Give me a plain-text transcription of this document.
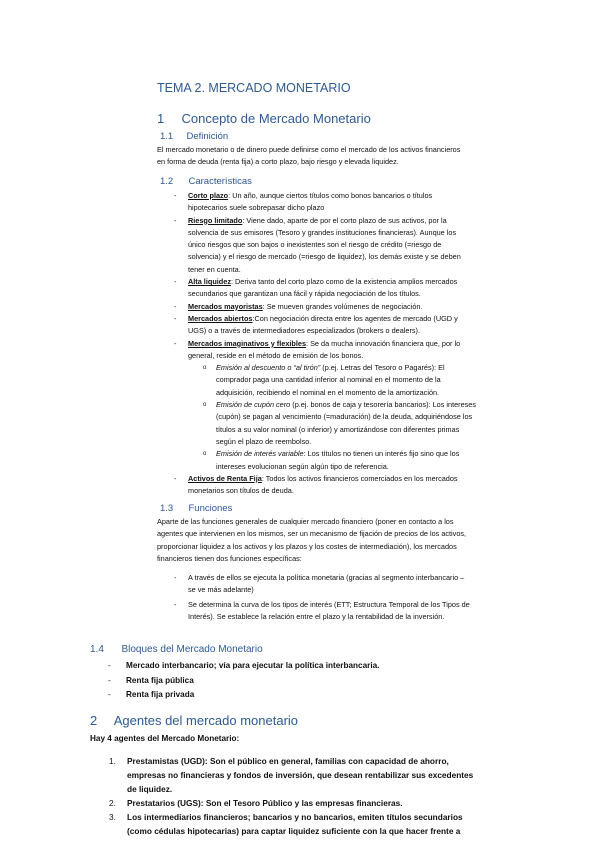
TEMA 2. MERCADO MONETARIO
1 Concepto de Mercado Monetario
1.1 Definición
El mercado monetario o de dinero puede definirse como el mercado de los activos financieros
en forma de deuda (renta fija) a corto plazo, bajo riesgo y elevada liquidez.
1.2 Características
- Corto plazo: Un año, aunque ciertos títulos como bonos bancarios o títulos
hipotecarios suele sobrepasar dicho plazo
- Riesgo limitado: Viene dado, aparte de por el corto plazo de sus activos, por la
solvencia de sus emisores (Tesoro y grandes instituciones financieras). Aunque los
único riesgos que son bajos o inexistentes son el riesgo de crédito (=riesgo de
solvencia) y el riesgo de mercado (=riesgo de liquidez), los demás existe y se deben
tener en cuenta.
- Alta liquidez: Deriva tanto del corto plazo como de la existencia amplios mercados
secundarios que garantizan una fácil y rápida negociación de los títulos.
- Mercados mayoristas: Se mueven grandes volúmenes de negociación.
- Mercados abiertos:Con negociación directa entre los agentes de mercado (UGD y
UGS) o a través de intermediadores especializados (brokers o dealers).
- Mercados imaginativos y flexibles: Se da mucha innovación financiera que, por lo
general, reside en el método de emisión de los bonos.
o Emisión al descuento o “al tirón” (p.ej. Letras del Tesoro o Pagarés): El
comprador paga una cantidad inferior al nominal en el momento de la
adquisición, recibiendo el nominal en el momento de la amortización.
o Emisión de cupón cero (p.ej. bonos de caja y tesorería bancarios): Los intereses
(cupón) se pagan al vencimiento (=maduración) de la deuda, adquiriéndose los
títulos a su valor nominal (o inferior) y amortizándose con diferentes primas
según el plazo de reembolso.
o Emisión de interés variable: Los títulos no tienen un interés fijo sino que los
intereses evolucionan según algún tipo de referencia.
- Activos de Renta Fija: Todos los activos financieros comerciados en los mercados
monetarios son títulos de deuda.
1.3 Funciones
Aparte de las funciones generales de cualquier mercado financiero (poner en contacto a los
agentes que intervienen en los mismos, ser un mecanismo de fijación de precios de los activos,
proporcionar liquidez a los activos y los plazos y los costes de intermediación), los mercados
financieros tienen dos funciones específicas:
- A través de ellos se ejecuta la política monetaria (gracias al segmento interbancario –
se ve más adelante)
- Se determina la curva de los tipos de interés (ETT; Estructura Temporal de los Tipos de
Interés). Se establece la relación entre el plazo y la rentabilidad de la inversión.
1.4 Bloques del Mercado Monetario
- Mercado interbancario; vía para ejecutar la política interbancaria.
- Renta fija pública
- Renta fija privada
2 Agentes del mercado monetario
Hay 4 agentes del Mercado Monetario:
1. Prestamistas (UGD): Son el público en general, familias con capacidad de ahorro,
empresas no financieras y fondos de inversión, que desean rentabilizar sus excedentes
de liquidez.
2. Prestatarios (UGS): Son el Tesoro Público y las empresas financieras.
3. Los intermediarios financieros; bancarios y no bancarios, emiten títulos secundarios
(como cédulas hipotecarias) para captar liquidez suficiente con la que hacer frente a
